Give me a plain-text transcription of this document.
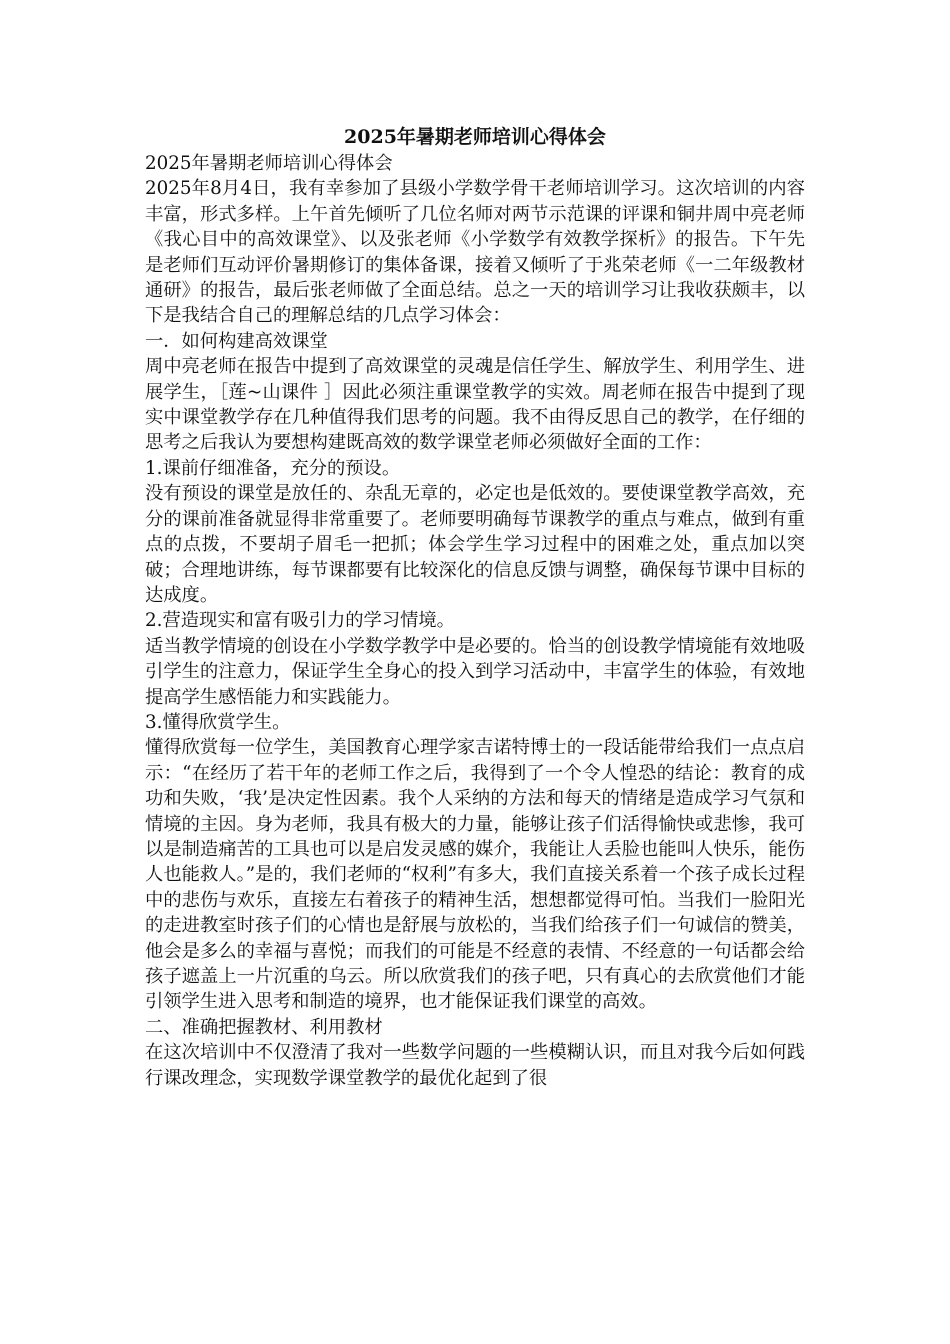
2025年暑期老师培训心得体会

2025年暑期老师培训心得体会

2025年8月4日，我有幸参加了县级小学数学骨干老师培训学习。这次培训的内容丰富，形式多样。上午首先倾听了几位名师对两节示范课的评课和铜井周中亮老师《我心目中的高效课堂》、以及张老师《小学数学有效教学探析》的报告。下午先是老师们互动评价暑期修订的集体备课，接着又倾听了于兆荣老师《一二年级教材通研》的报告，最后张老师做了全面总结。总之一天的培训学习让我收获颇丰，以下是我结合自己的理解总结的几点学习体会：

一．如何构建高效课堂

周中亮老师在报告中提到了高效课堂的灵魂是信任学生、解放学生、利用学生、进展学生，［莲~山课件 ］因此必须注重课堂教学的实效。周老师在报告中提到了现实中课堂教学存在几种值得我们思考的问题。我不由得反思自己的教学，在仔细的思考之后我认为要想构建既高效的数学课堂老师必须做好全面的工作：

1.课前仔细准备，充分的预设。

没有预设的课堂是放任的、杂乱无章的，必定也是低效的。要使课堂教学高效，充分的课前准备就显得非常重要了。老师要明确每节课教学的重点与难点，做到有重点的点拨，不要胡子眉毛一把抓；体会学生学习过程中的困难之处，重点加以突破；合理地讲练，每节课都要有比较深化的信息反馈与调整，确保每节课中目标的达成度。

2.营造现实和富有吸引力的学习情境。

适当教学情境的创设在小学数学教学中是必要的。恰当的创设教学情境能有效地吸引学生的注意力，保证学生全身心的投入到学习活动中，丰富学生的体验，有效地提高学生感悟能力和实践能力。

3.懂得欣赏学生。

懂得欣赏每一位学生，美国教育心理学家吉诺特博士的一段话能带给我们一点点启示：“在经历了若干年的老师工作之后，我得到了一个令人惶恐的结论：教育的成功和失败，‘我’是决定性因素。我个人采纳的方法和每天的情绪是造成学习气氛和情境的主因。身为老师，我具有极大的力量，能够让孩子们活得愉快或悲惨，我可以是制造痛苦的工具也可以是启发灵感的媒介，我能让人丢脸也能叫人快乐，能伤人也能救人。”是的，我们老师的“权利”有多大，我们直接关系着一个孩子成长过程中的悲伤与欢乐，直接左右着孩子的精神生活，想想都觉得可怕。当我们一脸阳光的走进教室时孩子们的心情也是舒展与放松的，当我们给孩子们一句诚信的赞美，他会是多么的幸福与喜悦；而我们的可能是不经意的表情、不经意的一句话都会给孩子遮盖上一片沉重的乌云。所以欣赏我们的孩子吧，只有真心的去欣赏他们才能引领学生进入思考和制造的境界，也才能保证我们课堂的高效。

二、准确把握教材、利用教材

在这次培训中不仅澄清了我对一些数学问题的一些模糊认识，而且对我今后如何践行课改理念，实现数学课堂教学的最优化起到了很
